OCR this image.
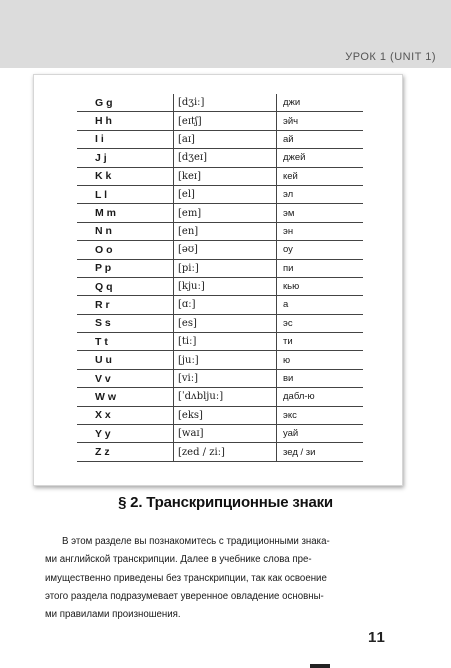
УРОК 1 (UNIT 1)
G g	[dʒiː]	джи
H h	[eɪtʃ]	эйч
I i	[aɪ]	ай
J j	[dʒeɪ]	джей
K k	[keɪ]	кей
L l	[el]	эл
M m	[em]	эм
N n	[en]	эн
O o	[əʊ]	оу
P p	[piː]	пи
Q q	[kjuː]	кью
R r	[ɑː]	а
S s	[es]	эс
T t	[tiː]	ти
U u	[juː]	ю
V v	[viː]	ви
W w	[ˈdʌbljuː]	дабл-ю
X x	[eks]	экс
Y y	[waɪ]	уай
Z z	[zed / ziː]	зед / зи
§ 2. Транскрипционные знаки
В этом разделе вы познакомитесь с традиционными знака-
ми английской транскрипции. Далее в учебнике слова пре-
имущественно приведены без транскрипции, так как освоение
этого раздела подразумевает уверенное овладение основны-
ми правилами произношения.
11
